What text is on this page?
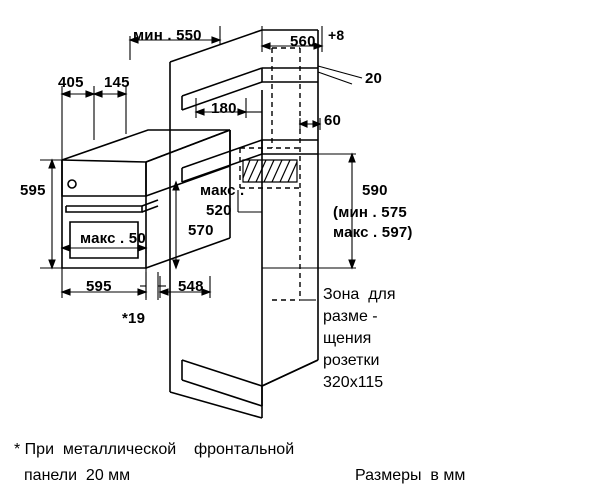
мин . 550	560 +8
405 145	20
180
60
595	макс .
520
570
590
(мин . 575
макс . 597)
макс . 50
595	548
*19
Зона  для
разме -
щения
розетки
320x115
* При  металлической    фронтальной
панели  20 мм	Размеры  в мм
